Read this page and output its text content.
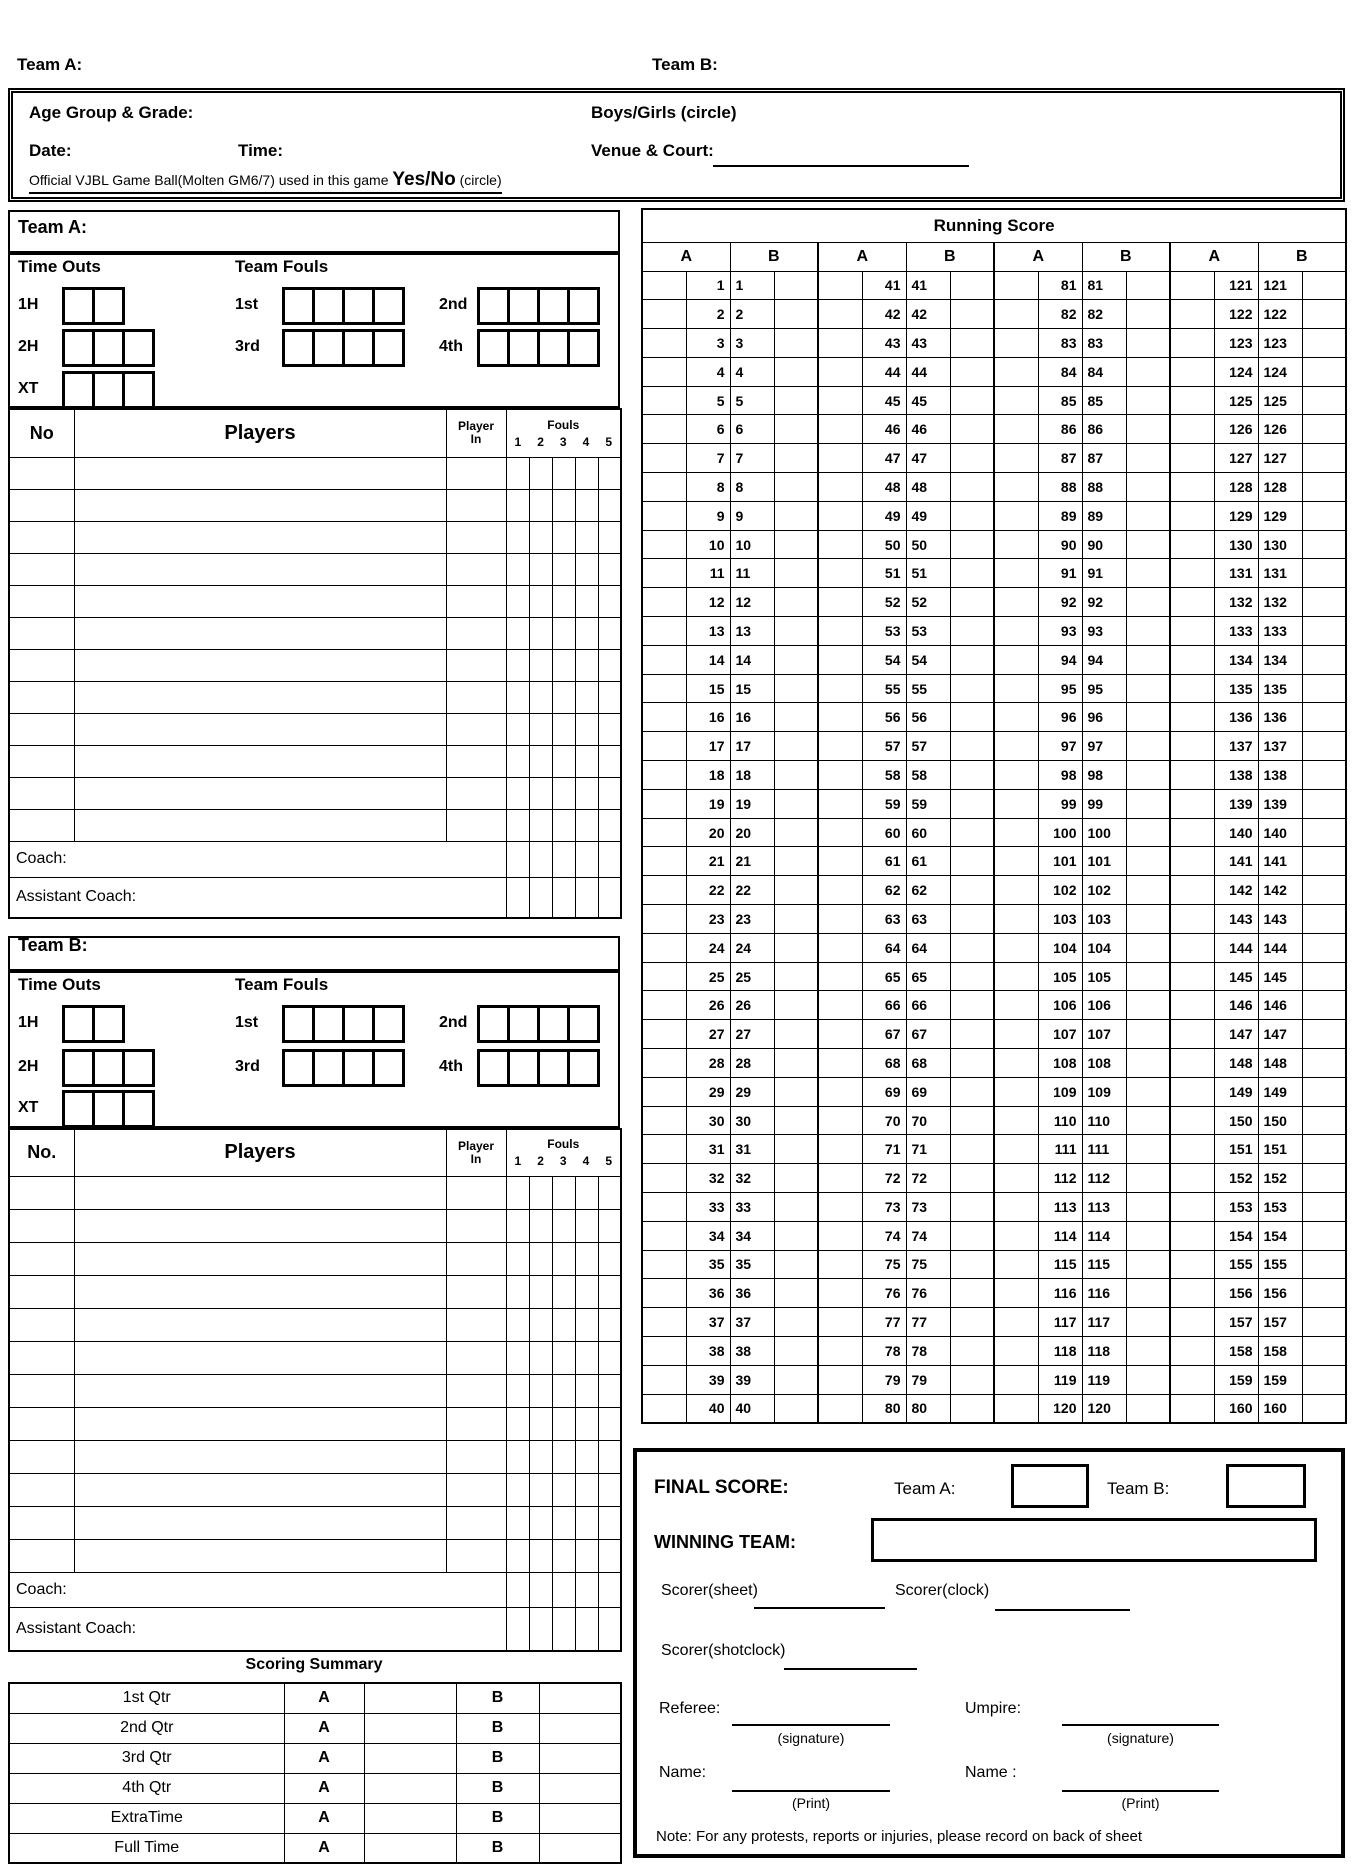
Team A:	Team B:
Age Group & Grade:	Boys/Girls (circle)
Date:	Time:	Venue & Court:
Official VJBL Game Ball(Molten GM6/7) used in this game Yes/No (circle)
Team A:
Time Outs	Team Fouls
1H
2H
XT
1st	2nd
3rd	4th
No	Players	Player
In

Fouls
1	2	3	4	5

Coach:							
Assistant Coach:							
Team B:
Time Outs	Team Fouls
1H
2H
XT
1st	2nd
3rd	4th
No.	Players	Player
In

Fouls
1	2	3	4	5

Coach:							
Assistant Coach:							
Scoring Summary
1st Qtr	A		B	
2nd Qtr	A		B	
3rd Qtr	A		B	
4th Qtr	A		B	
ExtraTime	A		B	
Full Time	A		B	
Running Score															
A		B		A		B		A		B		A		B	
	1	1			41	41			81	81			121	121	
	2	2			42	42			82	82			122	122	
	3	3			43	43			83	83			123	123	
	4	4			44	44			84	84			124	124	
	5	5			45	45			85	85			125	125	
	6	6			46	46			86	86			126	126	
	7	7			47	47			87	87			127	127	
	8	8			48	48			88	88			128	128	
	9	9			49	49			89	89			129	129	
	10	10			50	50			90	90			130	130	
	11	11			51	51			91	91			131	131	
	12	12			52	52			92	92			132	132	
	13	13			53	53			93	93			133	133	
	14	14			54	54			94	94			134	134	
	15	15			55	55			95	95			135	135	
	16	16			56	56			96	96			136	136	
	17	17			57	57			97	97			137	137	
	18	18			58	58			98	98			138	138	
	19	19			59	59			99	99			139	139	
	20	20			60	60			100	100			140	140	
	21	21			61	61			101	101			141	141	
	22	22			62	62			102	102			142	142	
	23	23			63	63			103	103			143	143	
	24	24			64	64			104	104			144	144	
	25	25			65	65			105	105			145	145	
	26	26			66	66			106	106			146	146	
	27	27			67	67			107	107			147	147	
	28	28			68	68			108	108			148	148	
	29	29			69	69			109	109			149	149	
	30	30			70	70			110	110			150	150	
	31	31			71	71			111	111			151	151	
	32	32			72	72			112	112			152	152	
	33	33			73	73			113	113			153	153	
	34	34			74	74			114	114			154	154	
	35	35			75	75			115	115			155	155	
	36	36			76	76			116	116			156	156	
	37	37			77	77			117	117			157	157	
	38	38			78	78			118	118			158	158	
	39	39			79	79			119	119			159	159	
	40	40			80	80			120	120			160	160	
FINAL SCORE:	Team A:	Team B:
WINNING TEAM:
Scorer(sheet)	Scorer(clock)
Scorer(shotclock)
Referee:
(signature)
Umpire:
(signature)
Name:
(Print)
Name :
(Print)
Note: For any protests, reports or injuries, please record on back of sheet
